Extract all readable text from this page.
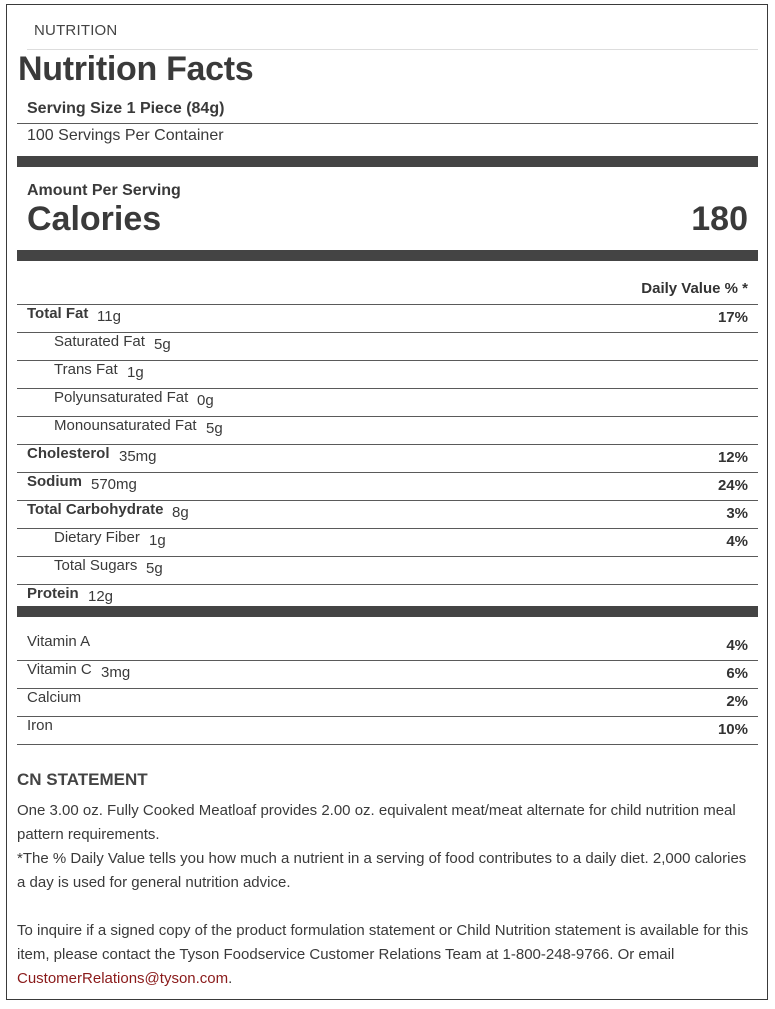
NUTRITION
Nutrition Facts
Serving Size 1 Piece (84g)
100 Servings Per Container
Amount Per Serving
Calories	180
Daily Value % *
Total Fat 11g	17%
Saturated Fat 5g
Trans Fat 1g
Polyunsaturated Fat 0g
Monounsaturated Fat 5g
Cholesterol 35mg	12%
Sodium 570mg	24%
Total Carbohydrate 8g	3%
Dietary Fiber 1g	4%
Total Sugars 5g
Protein 12g
Vitamin A	4%
Vitamin C 3mg	6%
Calcium	2%
Iron	10%
CN STATEMENT
One 3.00 oz. Fully Cooked Meatloaf provides 2.00 oz. equivalent meat/meat alternate for child nutrition meal pattern requirements.
*The % Daily Value tells you how much a nutrient in a serving of food contributes to a daily diet. 2,000 calories a day is used for general nutrition advice.
To inquire if a signed copy of the product formulation statement or Child Nutrition statement is available for this item, please contact the Tyson Foodservice Customer Relations Team at 1-800-248-9766. Or email CustomerRelations@tyson.com.
